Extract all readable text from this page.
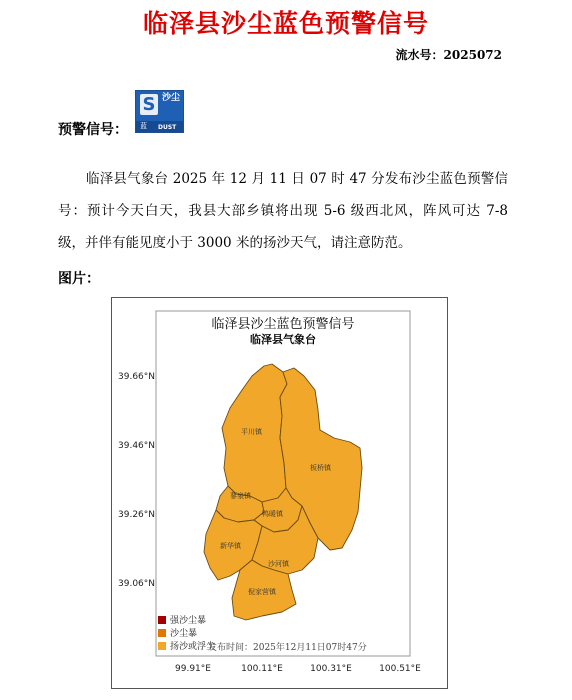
临泽县沙尘蓝色预警信号
流水号：2025072
预警信号：
S 沙尘
蓝 DUST
临泽县气象台 2025 年 12 月 11 日 07 时 47 分发布沙尘蓝色预警信号：预计今天白天，我县大部乡镇将出现 5-6 级西北风，阵风可达 7-8 级，并伴有能见度小于 3000 米的扬沙天气，请注意防范。
图片：
临泽县沙尘蓝色预警信号
临泽县气象台
平川镇
板桥镇
蓼泉镇
鸭暖镇
新华镇
沙河镇
倪家营镇
39.66°N
39.46°N
39.26°N
39.06°N
99.91°E	100.11°E	100.31°E	100.51°E
强沙尘暴
沙尘暴
扬沙或浮尘
发布时间：2025年12月11日07时47分
